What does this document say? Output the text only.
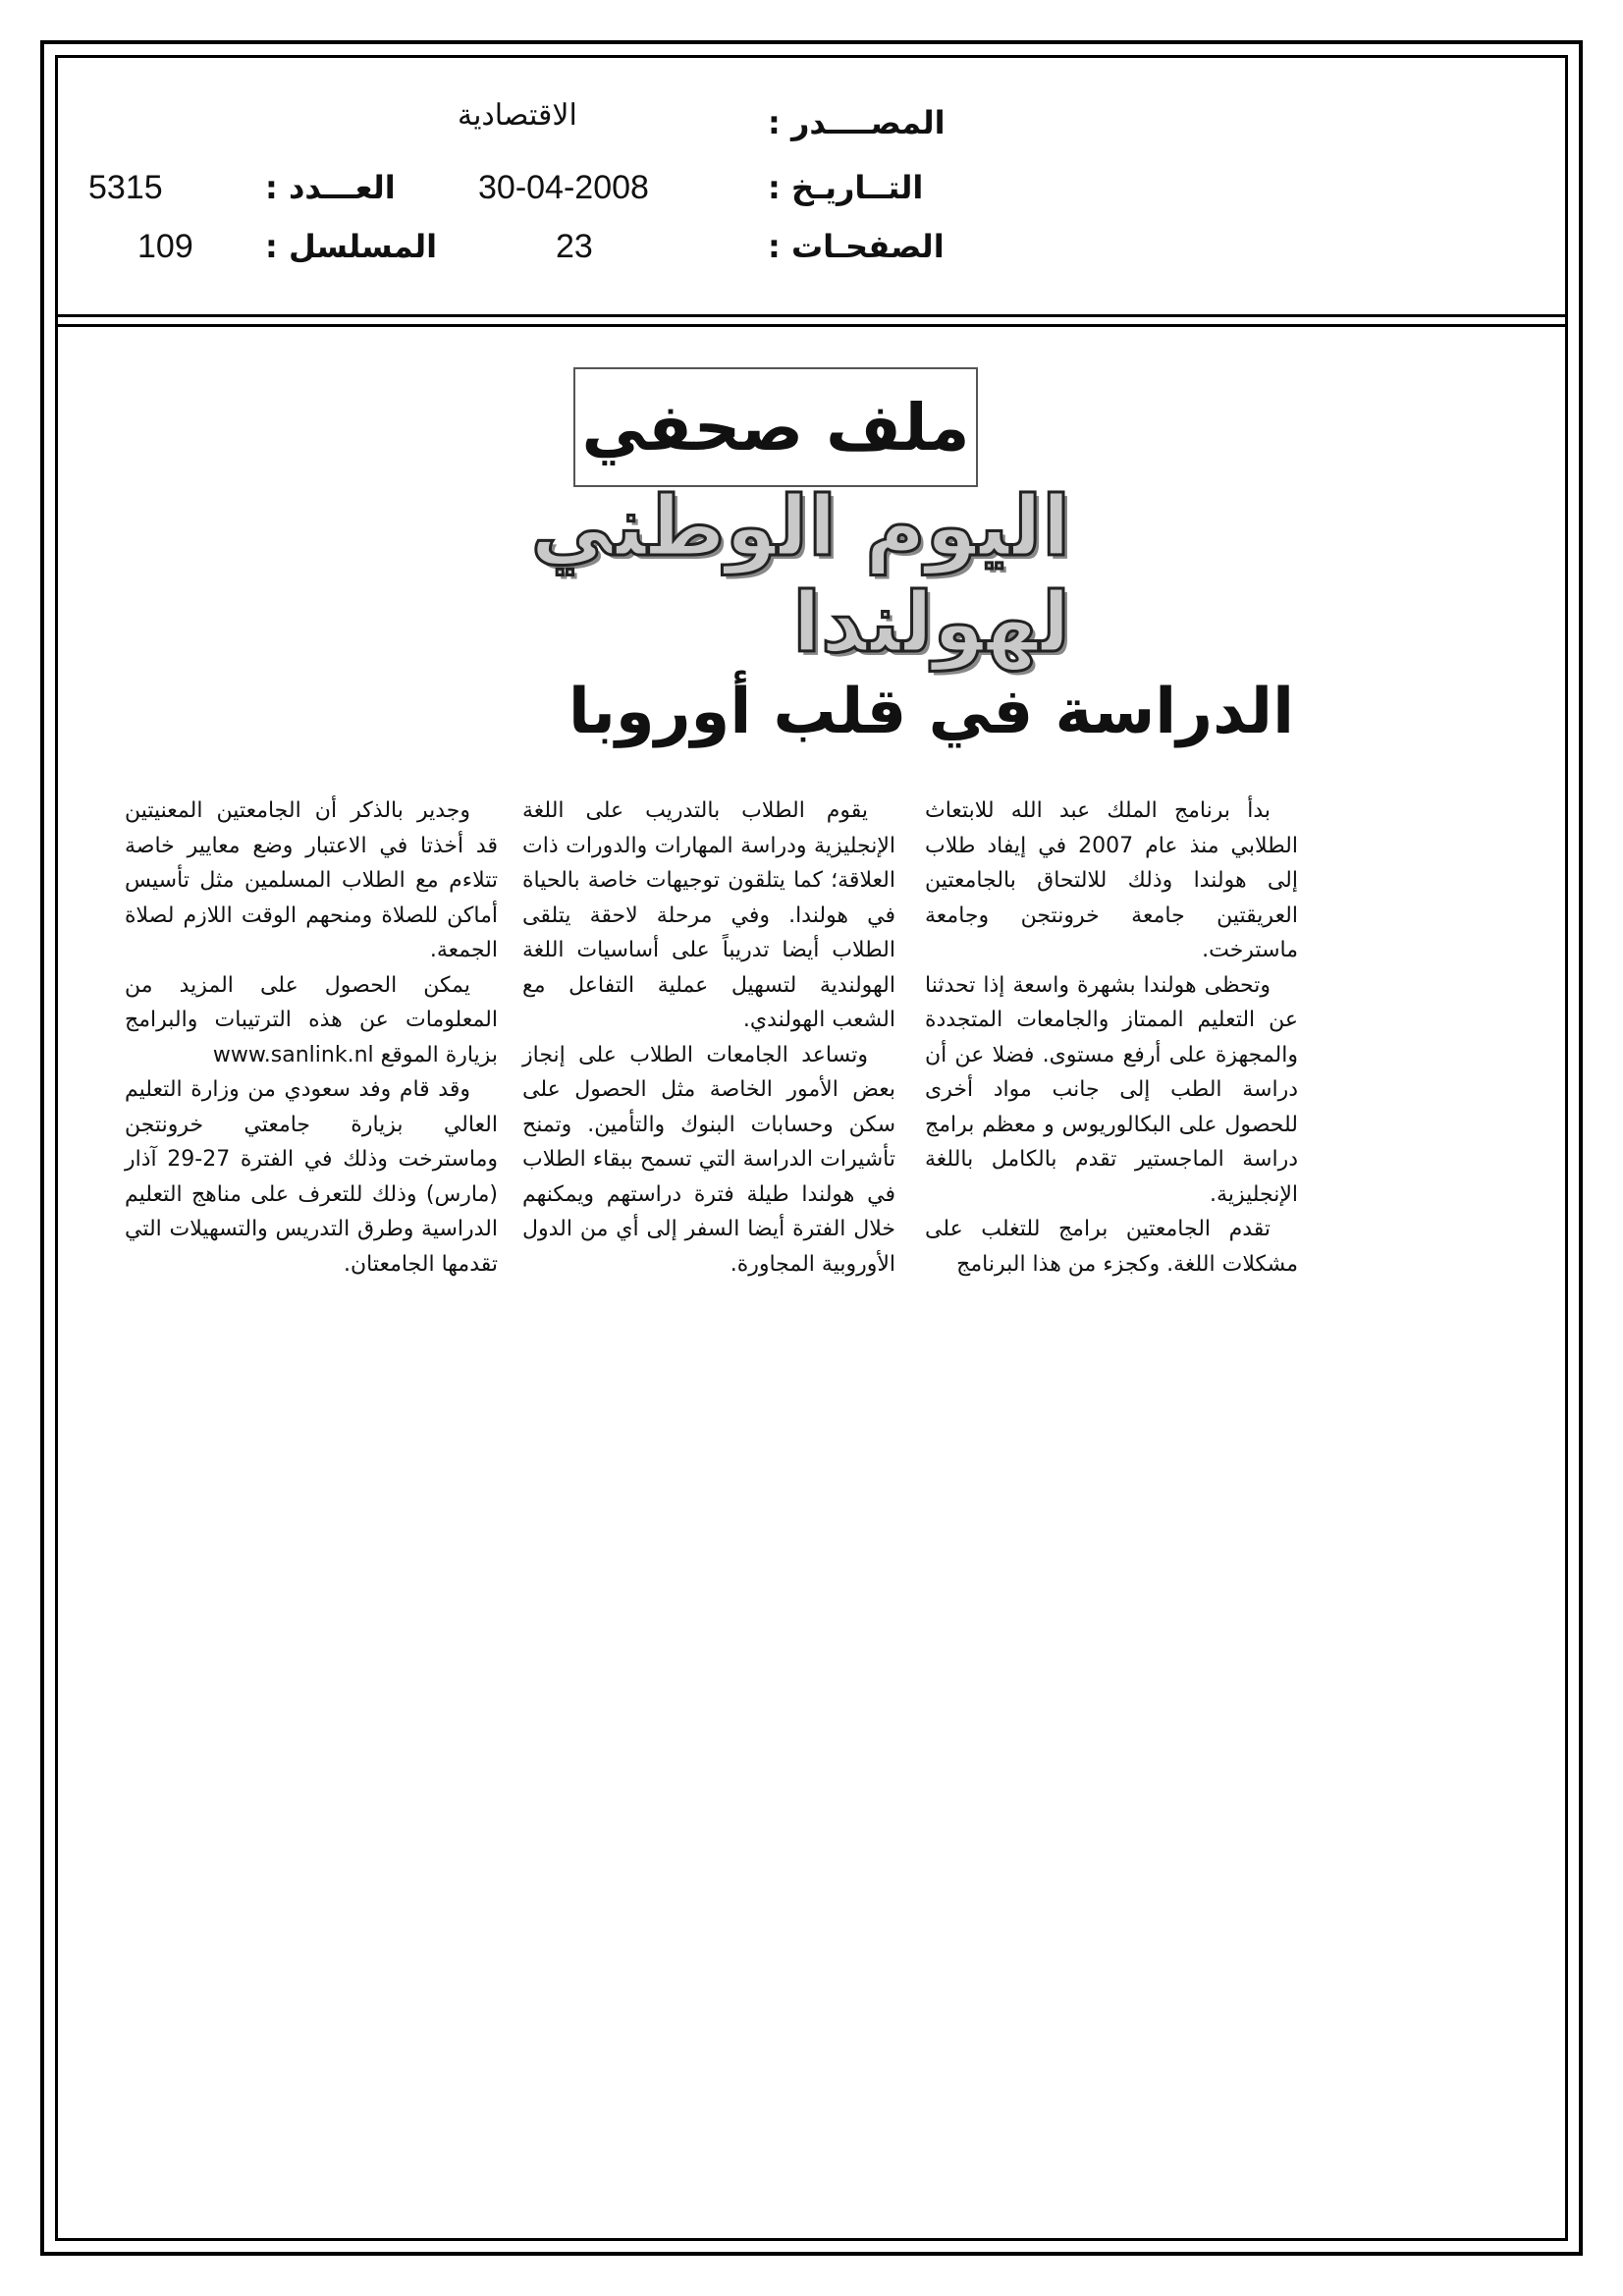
المصــــدر :
الاقتصادية
التــاريـخ :
30-04-2008
الصفحـات :
23
العـــدد :
5315
المسلسل :
109
ملف صحفي
اليوم الوطني لهولندا
الدراسة في قلب أوروبا

بدأ برنامج الملك عبد الله للابتعاث الطلابي منذ عام 2007 في إيفاد طلاب إلى هولندا وذلك للالتحاق بالجامعتين العريقتين جامعة خرونتجن وجامعة ماسترخت.

وتحظى هولندا بشهرة واسعة إذا تحدثنا عن التعليم الممتاز والجامعات المتجددة والمجهزة على أرفع مستوى. فضلا عن أن دراسة الطب إلى جانب مواد أخرى للحصول على البكالوريوس و معظم برامج دراسة الماجستير تقدم بالكامل باللغة الإنجليزية.

تقدم الجامعتين برامج للتغلب على مشكلات اللغة. وكجزء من هذا البرنامج

يقوم الطلاب بالتدريب على اللغة الإنجليزية ودراسة المهارات والدورات ذات العلاقة؛ كما يتلقون توجيهات خاصة بالحياة في هولندا. وفي مرحلة لاحقة يتلقى الطلاب أيضا تدريباً على أساسيات اللغة الهولندية لتسهيل عملية التفاعل مع الشعب الهولندي.

وتساعد الجامعات الطلاب على إنجاز بعض الأمور الخاصة مثل الحصول على سكن وحسابات البنوك والتأمين. وتمنح تأشيرات الدراسة التي تسمح ببقاء الطلاب في هولندا طيلة فترة دراستهم ويمكنهم خلال الفترة أيضا السفر إلى أي من الدول الأوروبية المجاورة.

وجدير بالذكر أن الجامعتين المعنيتين قد أخذتا في الاعتبار وضع معايير خاصة تتلاءم مع الطلاب المسلمين مثل تأسيس أماكن للصلاة ومنحهم الوقت اللازم لصلاة الجمعة.

يمكن الحصول على المزيد من المعلومات عن هذه الترتيبات والبرامج بزيارة الموقع www.sanlink.nl

وقد قام وفد سعودي من وزارة التعليم العالي بزيارة جامعتي خرونتجن وماسترخت وذلك في الفترة 27-29 آذار (مارس) وذلك للتعرف على مناهج التعليم الدراسية وطرق التدريس والتسهيلات التي تقدمها الجامعتان.
